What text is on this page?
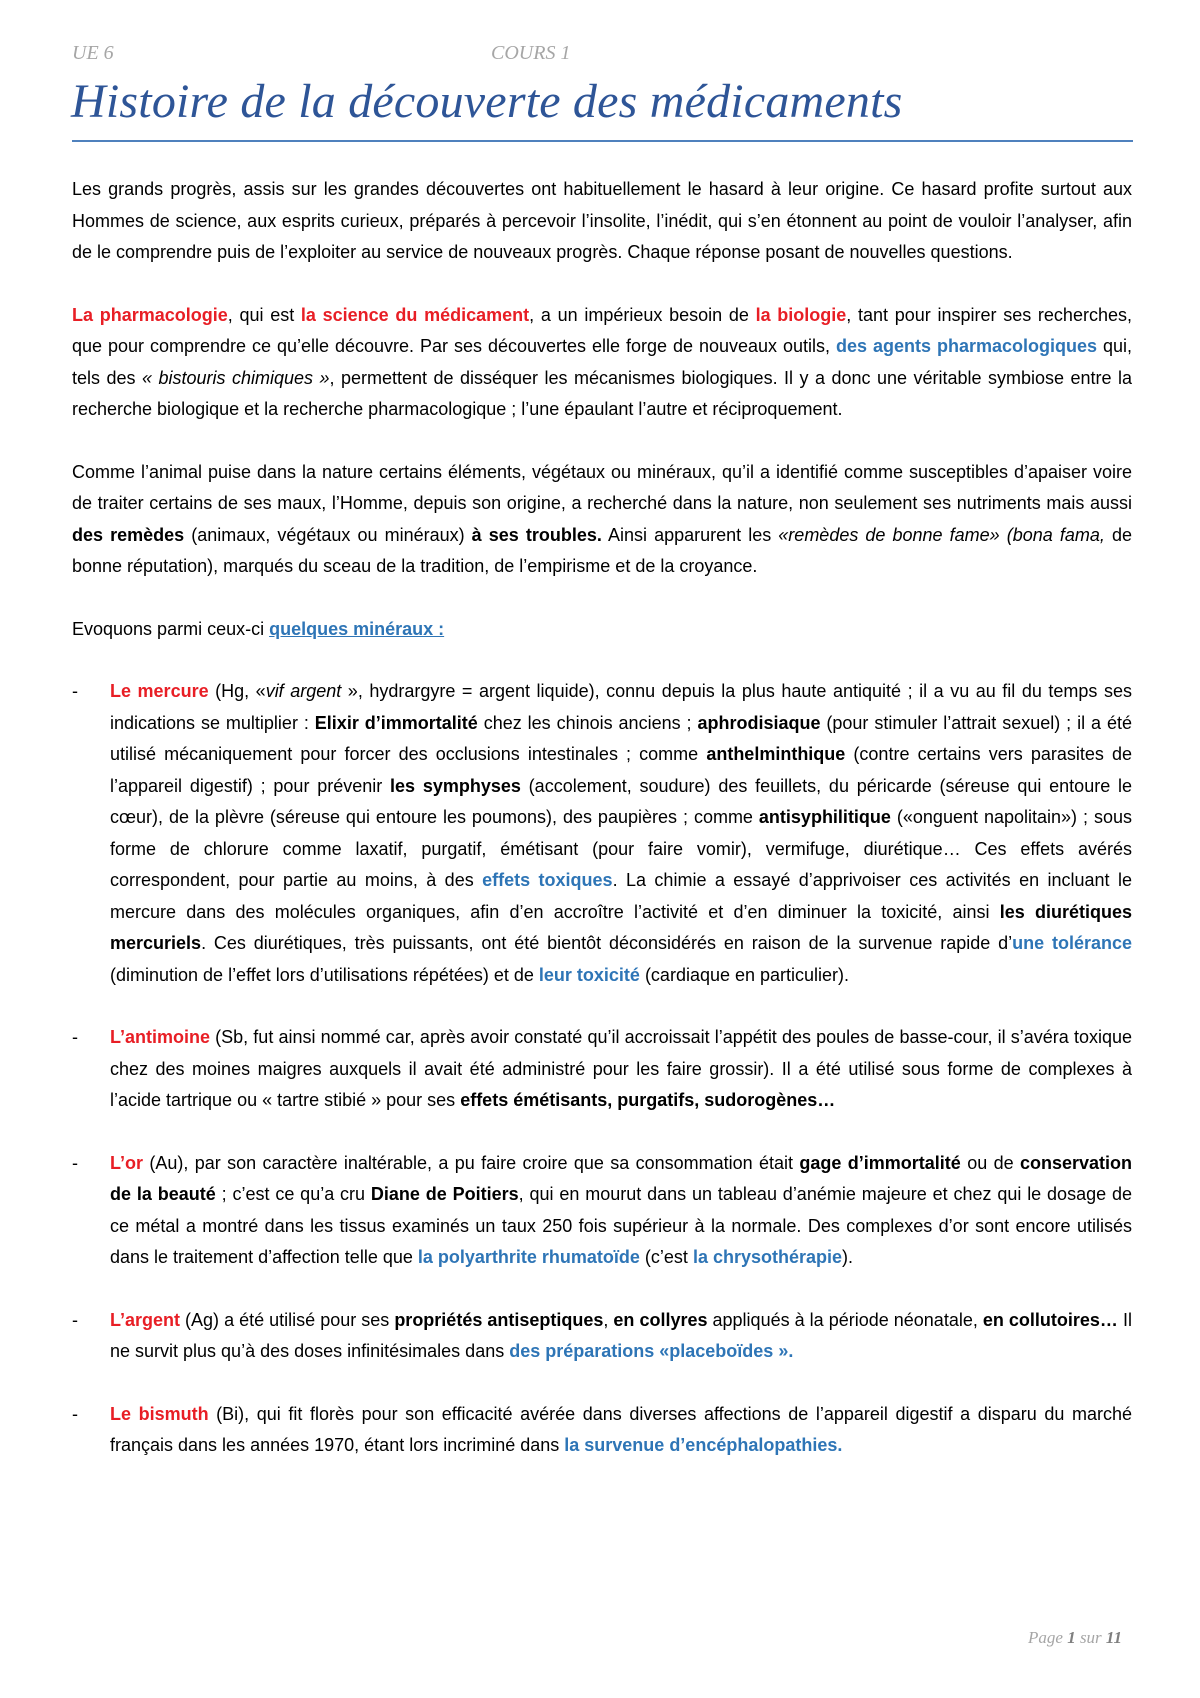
UE 6	COURS 1
Histoire de la découverte des médicaments

Les grands progrès, assis sur les grandes découvertes ont habituellement le hasard à leur origine. Ce hasard profite surtout aux Hommes de science, aux esprits curieux, préparés à percevoir l’insolite, l’inédit, qui s’en étonnent au point de vouloir l’analyser, afin de le comprendre puis de l’exploiter au service de nouveaux progrès. Chaque réponse posant de nouvelles questions.

La pharmacologie, qui est la science du médicament, a un impérieux besoin de la biologie, tant pour inspirer ses recherches, que pour comprendre ce qu’elle découvre. Par ses découvertes elle forge de nouveaux outils, des agents pharmacologiques qui, tels des « bistouris chimiques », permettent de disséquer les mécanismes biologiques. Il y a donc une véritable symbiose entre la recherche biologique et la recherche pharmacologique ; l’une épaulant l’autre et réciproquement.

Comme l’animal puise dans la nature certains éléments, végétaux ou minéraux, qu’il a identifié comme susceptibles d’apaiser voire de traiter certains de ses maux, l’Homme, depuis son origine, a recherché dans la nature, non seulement ses nutriments mais aussi des remèdes (animaux, végétaux ou minéraux) à ses troubles. Ainsi apparurent les «remèdes de bonne fame» (bona fama, de bonne réputation), marqués du sceau de la tradition, de l’empirisme et de la croyance.

Evoquons parmi ceux-ci quelques minéraux :

- Le mercure (Hg, «vif argent », hydrargyre = argent liquide), connu depuis la plus haute antiquité ; il a vu au fil du temps ses indications se multiplier : Elixir d’immortalité chez les chinois anciens ; aphrodisiaque (pour stimuler l’attrait sexuel) ; il a été utilisé mécaniquement pour forcer des occlusions intestinales ; comme anthelminthique (contre certains vers parasites de l’appareil digestif) ; pour prévenir les symphyses (accolement, soudure) des feuillets, du péricarde (séreuse qui entoure le cœur), de la plèvre (séreuse qui entoure les poumons), des paupières ; comme antisyphilitique («onguent napolitain») ; sous forme de chlorure comme laxatif, purgatif, émétisant (pour faire vomir), vermifuge, diurétique… Ces effets avérés correspondent, pour partie au moins, à des effets toxiques. La chimie a essayé d’apprivoiser ces activités en incluant le mercure dans des molécules organiques, afin d’en accroître l’activité et d’en diminuer la toxicité, ainsi les diurétiques mercuriels. Ces diurétiques, très puissants, ont été bientôt déconsidérés en raison de la survenue rapide d’une tolérance (diminution de l’effet lors d’utilisations répétées) et de leur toxicité (cardiaque en particulier).
- L’antimoine (Sb, fut ainsi nommé car, après avoir constaté qu’il accroissait l’appétit des poules de basse-cour, il s’avéra toxique chez des moines maigres auxquels il avait été administré pour les faire grossir). Il a été utilisé sous forme de complexes à l’acide tartrique ou « tartre stibié » pour ses effets émétisants, purgatifs, sudorogènes…
- L’or (Au), par son caractère inaltérable, a pu faire croire que sa consommation était gage d’immortalité ou de conservation de la beauté ; c’est ce qu’a cru Diane de Poitiers, qui en mourut dans un tableau d’anémie majeure et chez qui le dosage de ce métal a montré dans les tissus examinés un taux 250 fois supérieur à la normale. Des complexes d’or sont encore utilisés dans le traitement d’affection telle que la polyarthrite rhumatoïde (c’est la chrysothérapie).
- L’argent (Ag) a été utilisé pour ses propriétés antiseptiques, en collyres appliqués à la période néonatale, en collutoires… Il ne survit plus qu’à des doses infinitésimales dans des préparations «placeboïdes ».
- Le bismuth (Bi), qui fit florès pour son efficacité avérée dans diverses affections de l’appareil digestif a disparu du marché français dans les années 1970, étant lors incriminé dans la survenue d’encéphalopathies.
Page 1 sur 11
